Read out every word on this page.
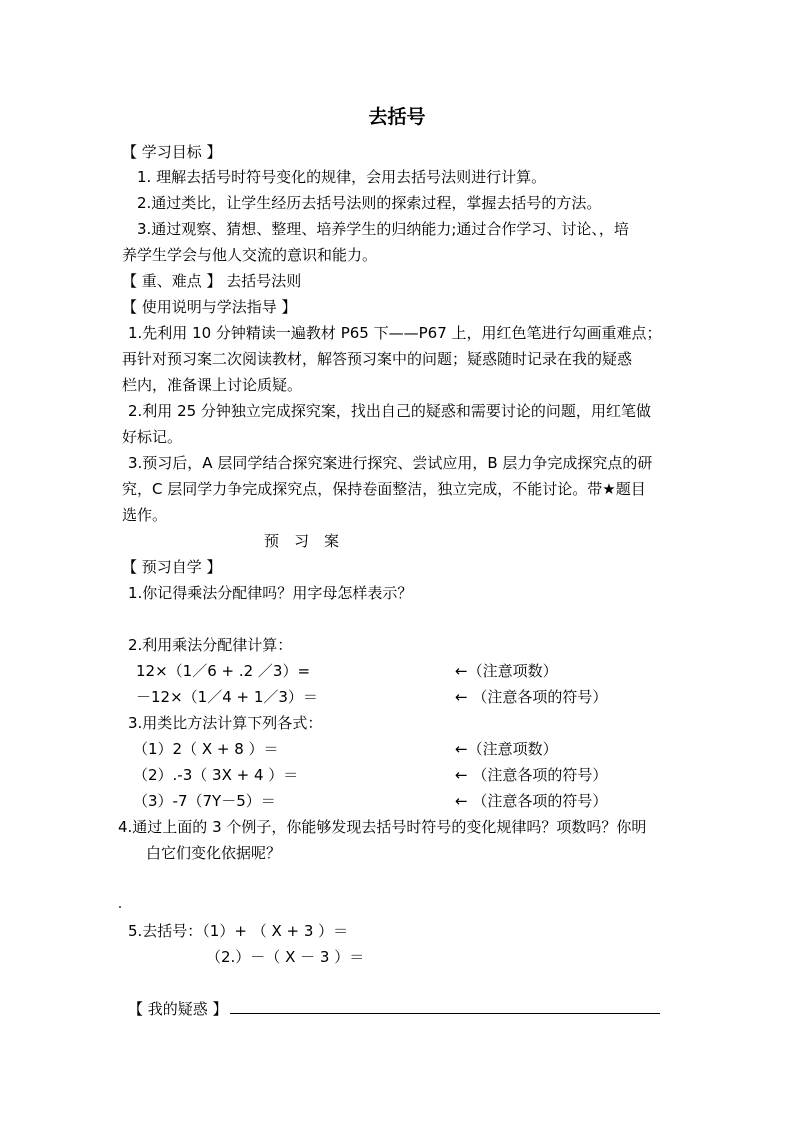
去括号
【 学习目标 】
1. 理解去括号时符号变化的规律，会用去括号法则进行计算。
2.通过类比，让学生经历去括号法则的探索过程，掌握去括号的方法。
3.通过观察、猜想、整理、培养学生的归纳能力;通过合作学习、讨论、，培
养学生学会与他人交流的意识和能力。
【 重、难点 】 去括号法则
【 使用说明与学法指导 】
1.先利用 10 分钟精读一遍教材 P65 下——P67 上，用红色笔进行勾画重难点；
再针对预习案二次阅读教材，解答预习案中的问题；疑惑随时记录在我的疑惑
栏内，准备课上讨论质疑。
2.利用 25 分钟独立完成探究案，找出自己的疑惑和需要讨论的问题，用红笔做
好标记。
3.预习后，A 层同学结合探究案进行探究、尝试应用，B 层力争完成探究点的研
究，C 层同学力争完成探究点，保持卷面整洁，独立完成，不能讨论。带★题目
选作。
预　习　案
【 预习自学 】
1.你记得乘法分配律吗？用字母怎样表示？
2.利用乘法分配律计算：
12×（1／6 + .2 ／3）=	←（注意项数）
－12×（1／4 + 1／3）＝	← （注意各项的符号）
3.用类比方法计算下列各式：
（1）2（ X + 8 ）＝	←（注意项数）
（2）.-3（ 3X + 4 ）＝	← （注意各项的符号）
（3）-7（7Y－5）＝	← （注意各项的符号）
4.通过上面的 3 个例子，你能够发现去括号时符号的变化规律吗？项数吗？你明
白它们变化依据呢？
5.去括号：（1）+ （ X + 3 ）＝
（2.）－（ X － 3 ）＝
【 我的疑惑 】
